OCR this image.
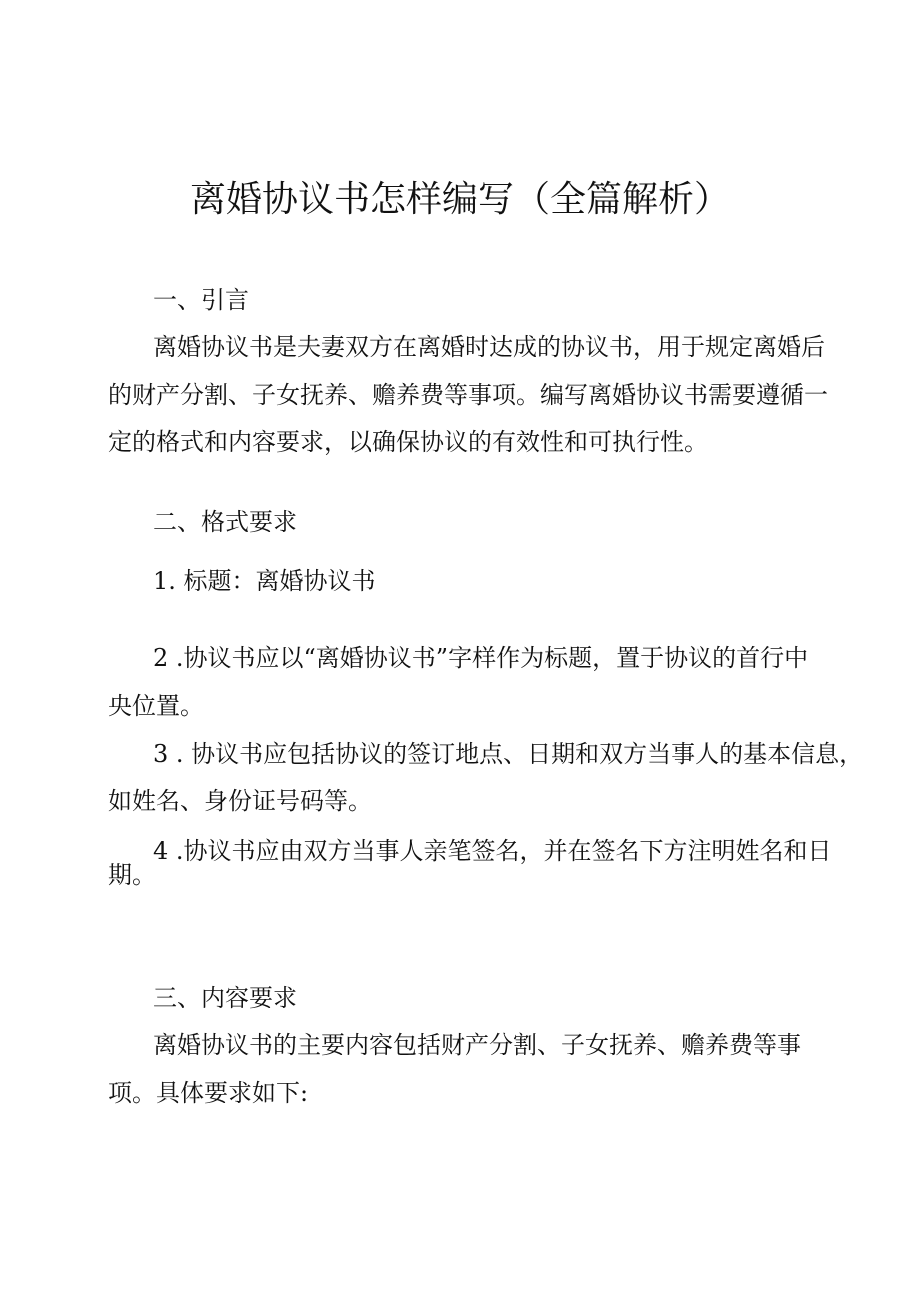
离婚协议书怎样编写（全篇解析）
一、引言
离婚协议书是夫妻双方在离婚时达成的协议书，用于规定离婚后
的财产分割、子女抚养、赡养费等事项。编写离婚协议书需要遵循一
定的格式和内容要求，以确保协议的有效性和可执行性。
二、格式要求
1. 标题：离婚协议书
2 .协议书应以“离婚协议书”字样作为标题，置于协议的首行中
央位置。
3 . 协议书应包括协议的签订地点、日期和双方当事人的基本信息，
如姓名、身份证号码等。
4 .协议书应由双方当事人亲笔签名，并在签名下方注明姓名和日
期。
三、内容要求
离婚协议书的主要内容包括财产分割、子女抚养、赡养费等事
项。具体要求如下:
